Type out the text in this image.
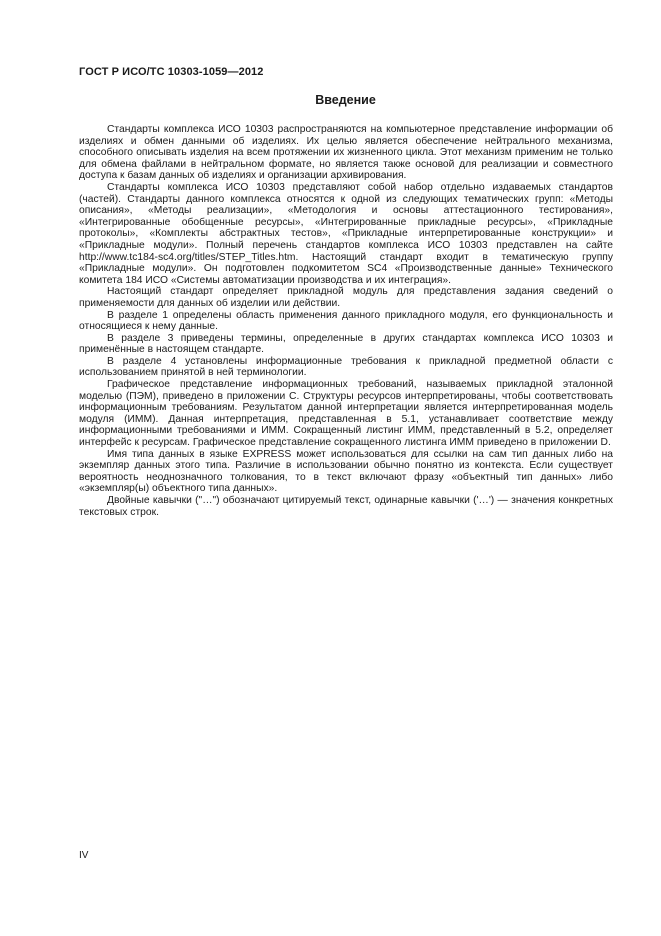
ГОСТ Р ИСО/ТС 10303-1059—2012
Введение

Стандарты комплекса ИСО 10303 распространяются на компьютерное представление информации об изделиях и обмен данными об изделиях. Их целью является обеспечение нейтрального механизма, способного описывать изделия на всем протяжении их жизненного цикла. Этот механизм применим не только для обмена файлами в нейтральном формате, но является также основой для реализации и совместного доступа к базам данных об изделиях и организации архивирования.

Стандарты комплекса ИСО 10303 представляют собой набор отдельно издаваемых стандартов (частей). Стандарты данного комплекса относятся к одной из следующих тематических групп: «Методы описания», «Методы реализации», «Методология и основы аттестационного тестирования», «Интегрированные обобщенные ресурсы», «Интегрированные прикладные ресурсы», «Прикладные протоколы», «Комплекты абстрактных тестов», «Прикладные интерпретированные конструкции» и «Прикладные модули». Полный перечень стандартов комплекса ИСО 10303 представлен на сайте http://www.tc184-sc4.org/titles/STEP_Titles.htm. Настоящий стандарт входит в тематическую группу «Прикладные модули». Он подготовлен подкомитетом SC4 «Производственные данные» Технического комитета 184 ИСО «Системы автоматизации производства и их интеграция».

Настоящий стандарт определяет прикладной модуль для представления задания сведений о применяемости для данных об изделии или действии.

В разделе 1 определены область применения данного прикладного модуля, его функциональность и относящиеся к нему данные.

В разделе 3 приведены термины, определенные в других стандартах комплекса ИСО 10303 и применённые в настоящем стандарте.

В разделе 4 установлены информационные требования к прикладной предметной области с использованием принятой в ней терминологии.

Графическое представление информационных требований, называемых прикладной эталонной моделью (ПЭМ), приведено в приложении С. Структуры ресурсов интерпретированы, чтобы соответствовать информационным требованиям. Результатом данной интерпретации является интерпретированная модель модуля (ИММ). Данная интерпретация, представленная в 5.1, устанавливает соответствие между информационными требованиями и ИММ. Сокращенный листинг ИММ, представленный в 5.2, определяет интерфейс к ресурсам. Графическое представление сокращенного листинга ИММ приведено в приложении D.

Имя типа данных в языке EXPRESS может использоваться для ссылки на сам тип данных либо на экземпляр данных этого типа. Различие в использовании обычно понятно из контекста. Если существует вероятность неоднозначного толкования, то в текст включают фразу «объектный тип данных» либо «экземпляр(ы) объектного типа данных».

Двойные кавычки ("…") обозначают цитируемый текст, одинарные кавычки ('…') — значения конкретных текстовых строк.

IV
